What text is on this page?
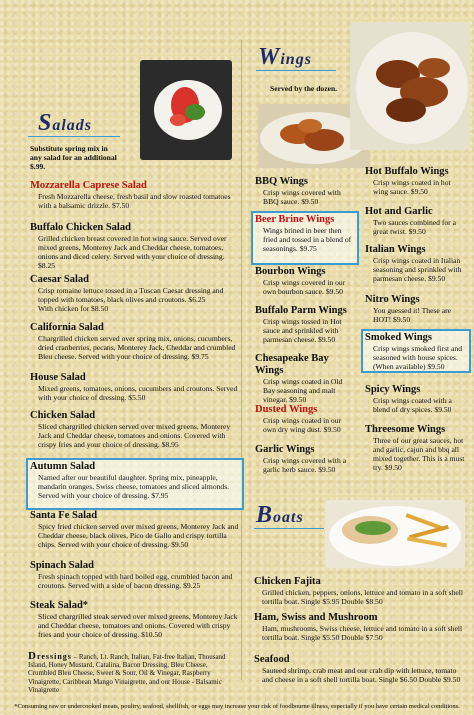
Salads
Substitute spring mix in any salad for an additional $.99.
Mozzarella Caprese Salad
Fresh Mozzarella cheese, fresh basil and slow roasted tomatoes with a balsamic drizzle. $7.50
Buffalo Chicken Salad
Grilled chicken breast covered in hot wing sauce. Served over mixed greens, Monterey Jack and Cheddar cheese, tomatoes, onions and diced celery. Served with your choice of dressing. $8.25
Caesar Salad
Crisp romaine lettuce tossed in a Tuscan Caesar dressing and topped with tomatoes, black olives and croutons. $6.25
With chicken for $8.50
California Salad
Chargrilled chicken served over spring mix, onions, cucumbers, dried cranberries, pecans, Monterey Jack, Cheddar and crumbled Bleu cheese. Served with your choice of dressing. $9.75
House Salad
Mixed greens, tomatoes, onions, cucumbers and croutons. Served with your choice of dressing. $5.50
Chicken Salad
Sliced chargrilled chicken served over mixed greens, Monterey Jack and Cheddar cheese, tomatoes and onions. Covered with crispy fries and your choice of dressing. $8.95
Autumn Salad
Named after our beautiful daughter. Spring mix, pineapple, mandarin oranges, Swiss cheese, tomatoes and sliced almonds. Served with your choice of dressing. $7.95
Santa Fe Salad
Spicy fried chicken served over mixed greens, Monterey Jack and Cheddar cheese, black olives, Pico de Gallo and crispy tortilla chips. Served with your choice of dressing. $9.50
Spinach Salad
Fresh spinach topped with hard boiled egg, crumbled bacon and croutons. Served with a side of bacon dressing. $9.25
Steak Salad*
Sliced chargrilled steak served over mixed greens, Monterey Jack and Cheddar cheese, tomatoes and onions. Covered with crispy fries and your choice of dressing. $10.50
Dressings – Ranch, Lt. Ranch, Italian, Fat-free Italian, Thousand Island, Honey Mustard, Catalina, Bacon Dressing, Bleu Cheese, Crumbled Bleu Cheese, Sweet & Sour, Oil & Vinegar, Raspberry Vinaigrette, Caribbean Mango Vinaigrette, and our House - Balsamic Vinaigrette
Wings
Served by the dozen.
BBQ Wings
Crisp wings covered with BBQ sauce. $9.50
Beer Brine Wings
Wings brined in beer then fried and tossed in a blend of seasonings. $9.75
Bourbon Wings
Crisp wings covered in our own bourbon sauce. $9.50
Buffalo Parm Wings
Crisp wings tossed in Hot sauce and sprinkled with parmesan cheese. $9.50
Chesapeake Bay Wings
Crisp wings coated in Old Bay seasoning and malt vinegar. $9.50
Dusted Wings
Crisp wings coated in our own dry wing dust. $9.50
Garlic Wings
Crisp wings covered with a garlic herb sauce. $9.50
Hot Buffalo Wings
Crisp wings coated in hot wing sauce. $9.50
Hot and Garlic
Two sauces combined for a great twist. $9.50
Italian Wings
Crisp wings coated in Italian seasoning and sprinkled with parmesan cheese. $9.50
Nitro Wings
You guessed it! These are HOT! $9.50
Smoked Wings
Crisp wings smoked first and seasoned with house spices. (When available) $9.50
Spicy Wings
Crisp wings coated with a blend of dry spices. $9.50
Threesome Wings
Three of our great sauces, hot and garlic, cajun and bbq all mixed together. This is a must try. $9.50
Boats
Chicken Fajita
Grilled chicken, peppers, onions, lettuce and tomato in a soft shell tortilla boat. Single $5.95 Double $8.50
Ham, Swiss and Mushroom
Ham, mushrooms, Swiss cheese, lettuce and tomato in a soft shell tortilla boat. Single $5.50 Double $7.50
Seafood
Sauteed shrimp, crab meat and our crab dip with lettuce, tomato and cheese in a soft shell tortilla boat. Single $6.50 Double $9.50
*Consuming raw or undercooked meats, poultry, seafood, shellfish, or eggs may increase your risk of foodbourne illness, especially if you have certain medical conditions.
